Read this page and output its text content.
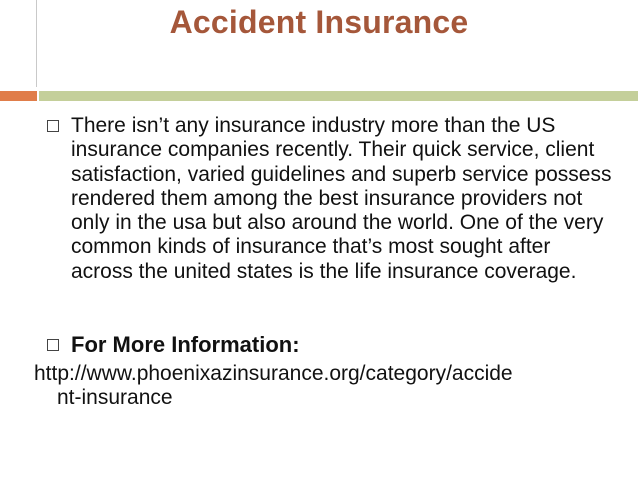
Accident Insurance
There isn’t any insurance industry more than the US insurance companies recently. Their quick service, client satisfaction, varied guidelines and superb service possess rendered them among the best insurance providers not only in the usa but also around the world. One of the very common kinds of insurance that’s most sought after across the united states is the life insurance coverage.
For More Information:
http://www.phoenixazinsurance.org/category/accide
nt-insurance
